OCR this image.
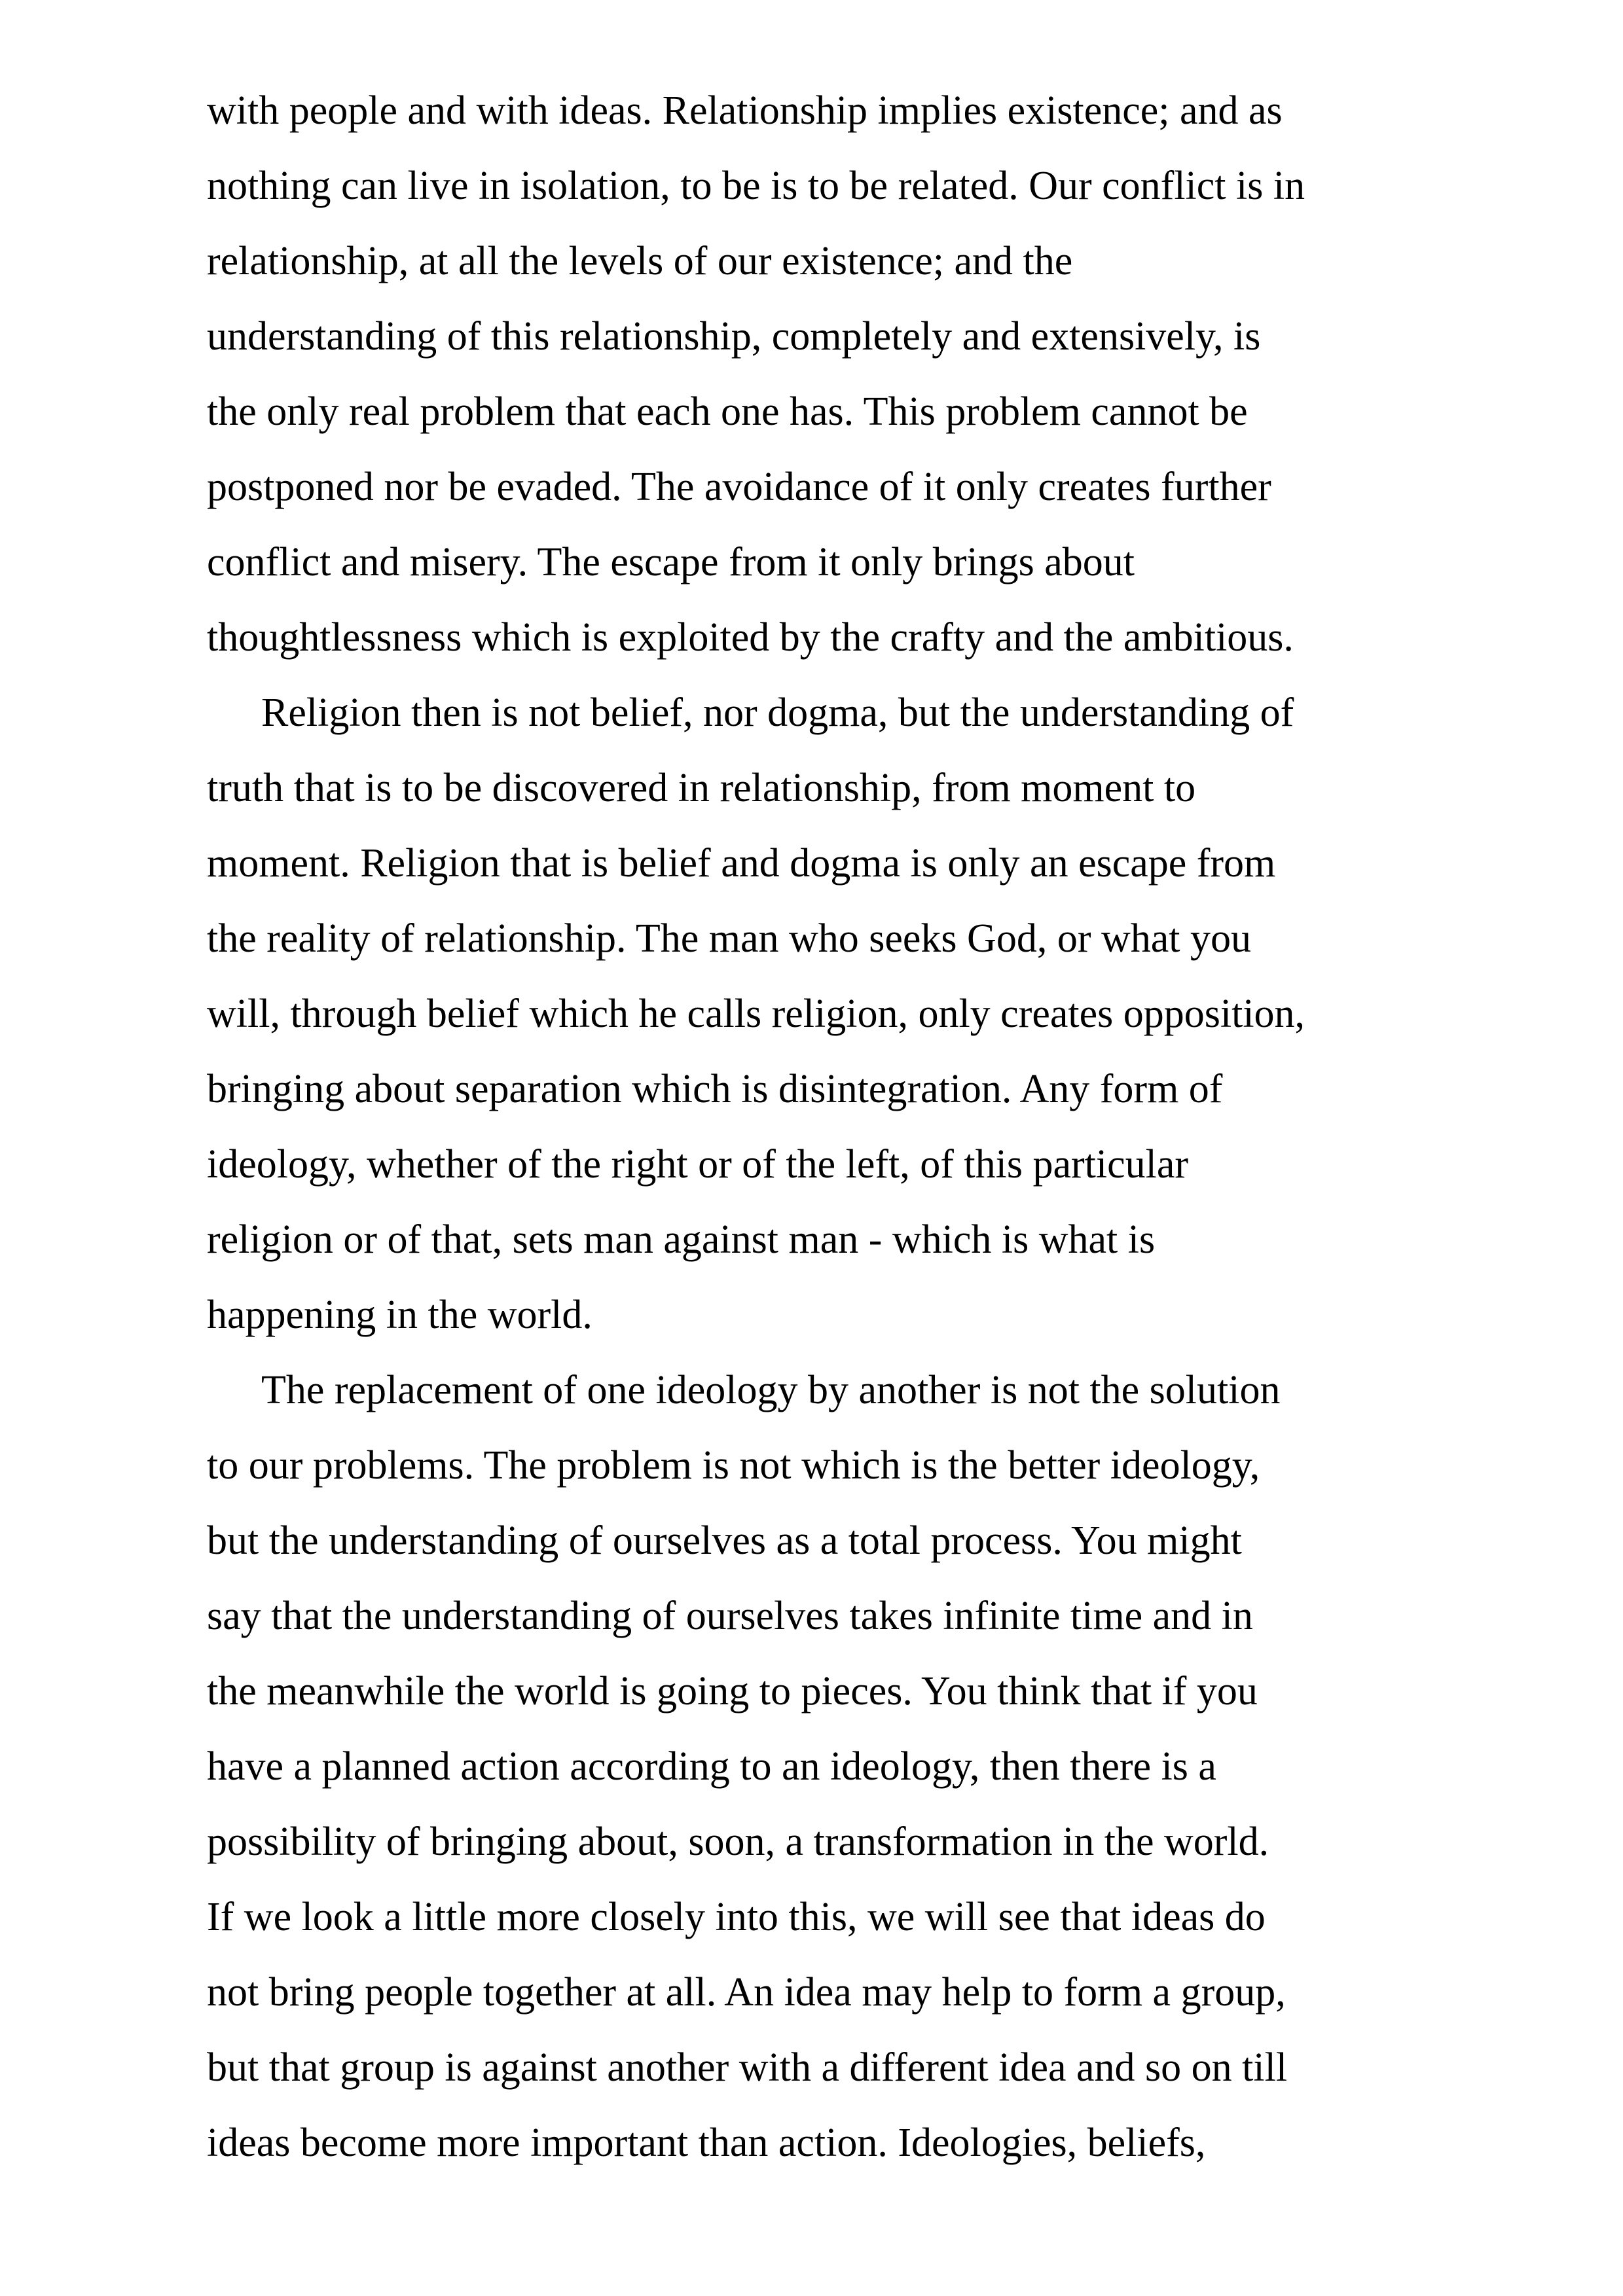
with people and with ideas. Relationship implies existence; and as
nothing can live in isolation, to be is to be related. Our conflict is in
relationship, at all the levels of our existence; and the
understanding of this relationship, completely and extensively, is
the only real problem that each one has. This problem cannot be
postponed nor be evaded. The avoidance of it only creates further
conflict and misery. The escape from it only brings about
thoughtlessness which is exploited by the crafty and the ambitious.
Religion then is not belief, nor dogma, but the understanding of
truth that is to be discovered in relationship, from moment to
moment. Religion that is belief and dogma is only an escape from
the reality of relationship. The man who seeks God, or what you
will, through belief which he calls religion, only creates opposition,
bringing about separation which is disintegration. Any form of
ideology, whether of the right or of the left, of this particular
religion or of that, sets man against man - which is what is
happening in the world.
The replacement of one ideology by another is not the solution
to our problems. The problem is not which is the better ideology,
but the understanding of ourselves as a total process. You might
say that the understanding of ourselves takes infinite time and in
the meanwhile the world is going to pieces. You think that if you
have a planned action according to an ideology, then there is a
possibility of bringing about, soon, a transformation in the world.
If we look a little more closely into this, we will see that ideas do
not bring people together at all. An idea may help to form a group,
but that group is against another with a different idea and so on till
ideas become more important than action. Ideologies, beliefs,
